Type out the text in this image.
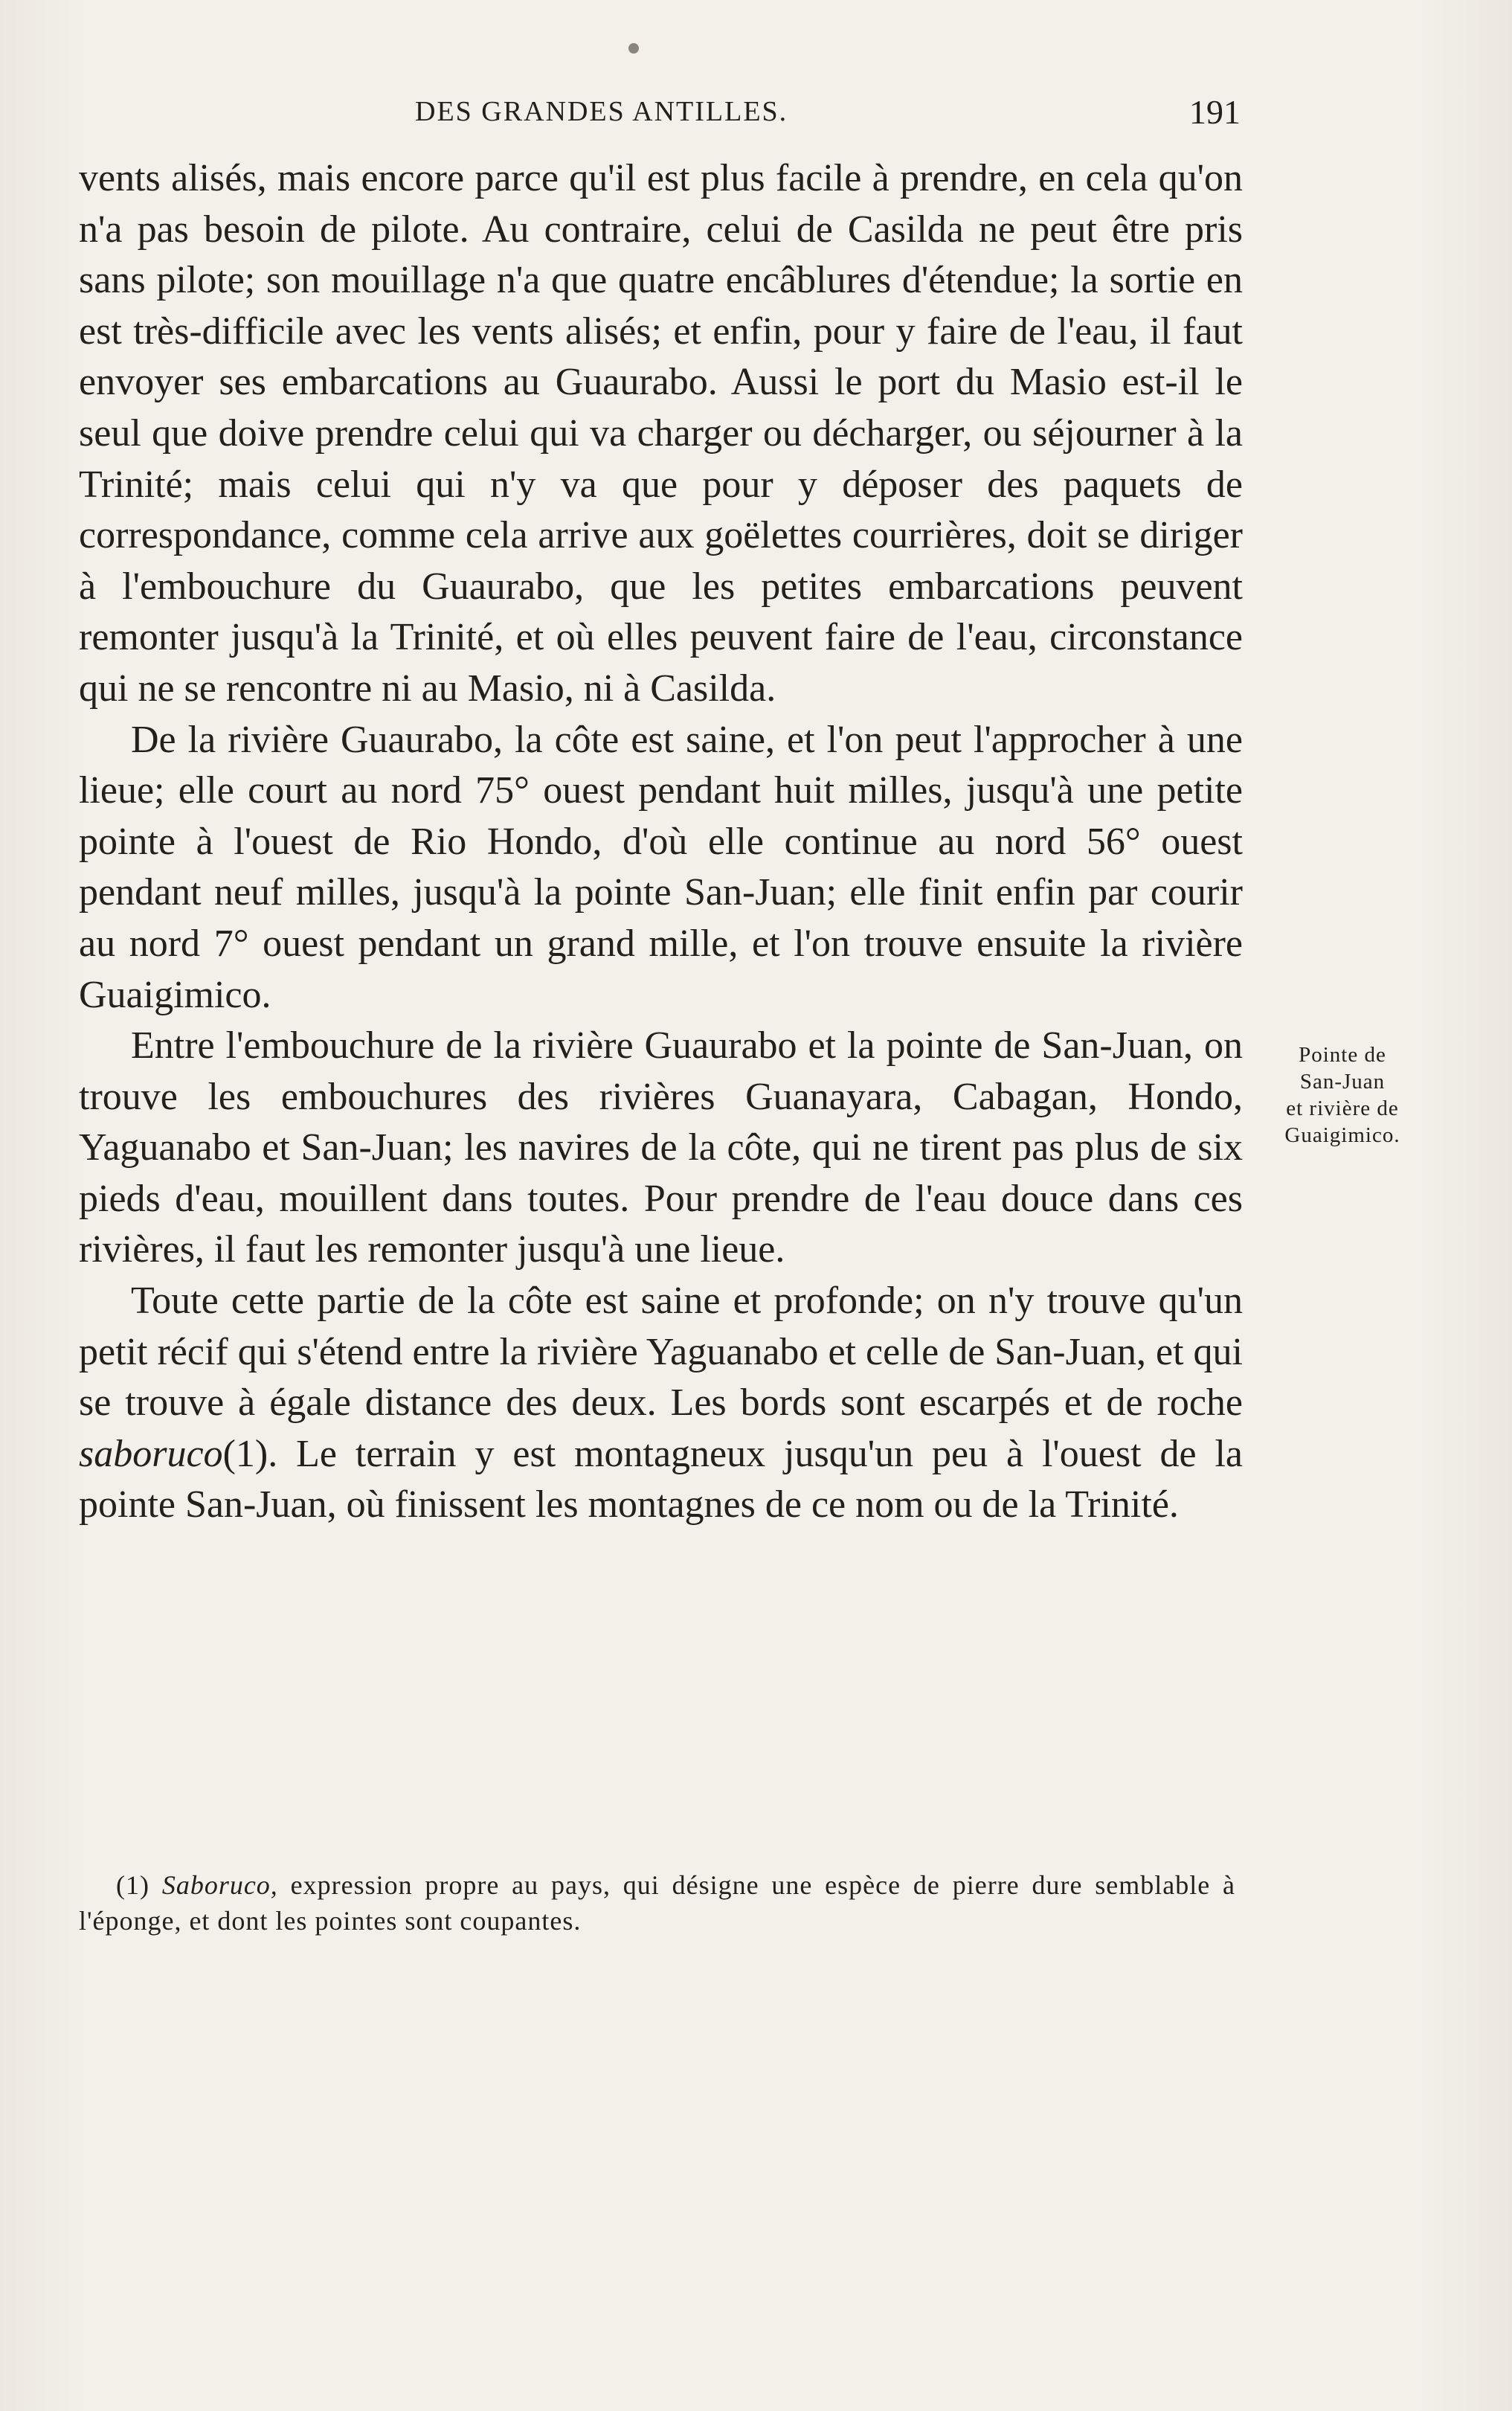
DES GRANDES ANTILLES.	191

vents alisés, mais encore parce qu'il est plus facile à prendre, en cela qu'on n'a pas besoin de pilote. Au contraire, celui de Casilda ne peut être pris sans pilote; son mouillage n'a que quatre encâblures d'étendue; la sortie en est très-difficile avec les vents alisés; et enfin, pour y faire de l'eau, il faut envoyer ses embarcations au Guaurabo. Aussi le port du Masio est-il le seul que doive prendre celui qui va charger ou décharger, ou séjourner à la Trinité; mais celui qui n'y va que pour y déposer des paquets de correspondance, comme cela arrive aux goëlettes courrières, doit se diriger à l'embouchure du Guaurabo, que les petites embarcations peuvent remonter jusqu'à la Trinité, et où elles peuvent faire de l'eau, circonstance qui ne se rencontre ni au Masio, ni à Casilda.

De la rivière Guaurabo, la côte est saine, et l'on peut l'approcher à une lieue; elle court au nord 75° ouest pendant huit milles, jusqu'à une petite pointe à l'ouest de Rio Hondo, d'où elle continue au nord 56° ouest pendant neuf milles, jusqu'à la pointe San-Juan; elle finit enfin par courir au nord 7° ouest pendant un grand mille, et l'on trouve ensuite la rivière Guaigimico.

Entre l'embouchure de la rivière Guaurabo et la pointe de San-Juan, on trouve les embouchures des rivières Guanayara, Cabagan, Hondo, Yaguanabo et San-Juan; les navires de la côte, qui ne tirent pas plus de six pieds d'eau, mouillent dans toutes. Pour prendre de l'eau douce dans ces rivières, il faut les remonter jusqu'à une lieue.

Toute cette partie de la côte est saine et profonde; on n'y trouve qu'un petit récif qui s'étend entre la rivière Yaguanabo et celle de San-Juan, et qui se trouve à égale distance des deux. Les bords sont escarpés et de roche saboruco(1). Le terrain y est montagneux jusqu'un peu à l'ouest de la pointe San-Juan, où finissent les montagnes de ce nom ou de la Trinité.

Pointe de
San-Juan
et rivière de
Guaigimico.
(1) Saboruco, expression propre au pays, qui désigne une espèce de pierre dure semblable à l'éponge, et dont les pointes sont coupantes.
